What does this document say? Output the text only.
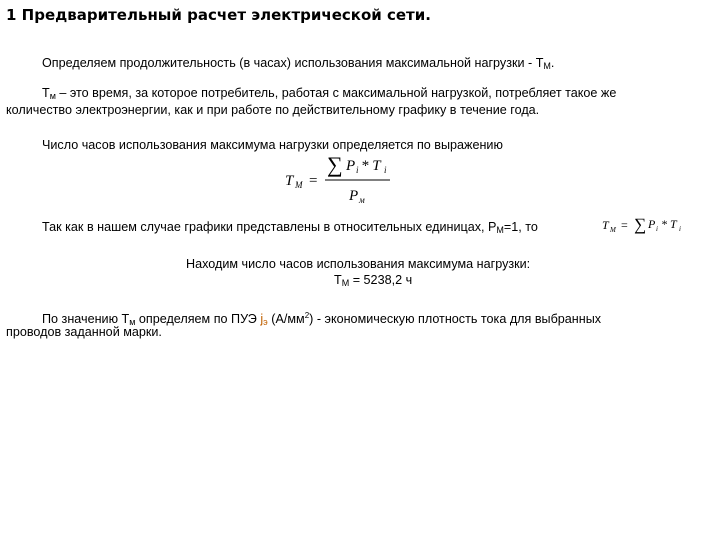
1 Предварительный расчет электрической сети.
Определяем продолжительность (в часах) использования максимальной нагрузки - $T_M$.
$T_м$ – это время, за которое потребитель, работая с максимальной нагрузкой, потребляет такое же
количество электроэнергии, как и при работе по действительному графику в течение года.
Число часов использования максимума нагрузки определяется по выражению
T M =
∑ P i * T i
P м
Так как в нашем случае графики представлены в относительных единицах, $P_M=1$, то	T M = ∑ P i * T i
Находим число часов использования максимума нагрузки:
$T_M = 5238,2$ ч
По значению $T_м$ определяем по ПУЭ $j_э$ $(А/мм^2)$ - экономическую плотность тока для выбранных
проводов заданной марки.
